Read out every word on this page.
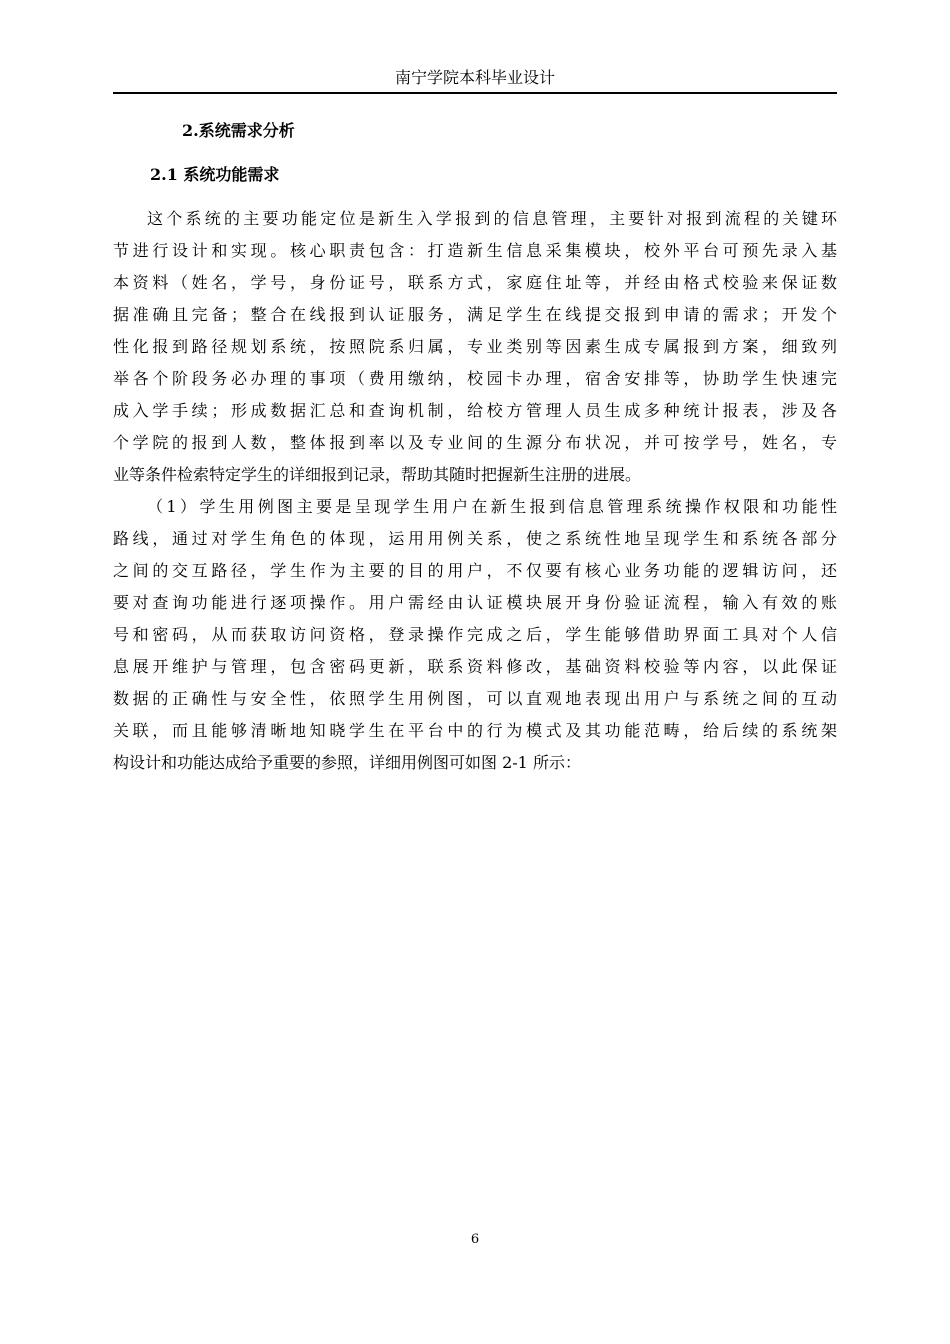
南宁学院本科毕业设计
2.系统需求分析
2.1 系统功能需求
这个系统的主要功能定位是新生入学报到的信息管理，主要针对报到流程的关键环
节进行设计和实现。核心职责包含：打造新生信息采集模块，校外平台可预先录入基
本资料（姓名，学号，身份证号，联系方式，家庭住址等，并经由格式校验来保证数
据准确且完备；整合在线报到认证服务，满足学生在线提交报到申请的需求；开发个
性化报到路径规划系统，按照院系归属，专业类别等因素生成专属报到方案，细致列
举各个阶段务必办理的事项（费用缴纳，校园卡办理，宿舍安排等，协助学生快速完
成入学手续；形成数据汇总和查询机制，给校方管理人员生成多种统计报表，涉及各
个学院的报到人数，整体报到率以及专业间的生源分布状况，并可按学号，姓名，专
业等条件检索特定学生的详细报到记录，帮助其随时把握新生注册的进展。
（1）学生用例图主要是呈现学生用户在新生报到信息管理系统操作权限和功能性
路线，通过对学生角色的体现，运用用例关系，使之系统性地呈现学生和系统各部分
之间的交互路径，学生作为主要的目的用户，不仅要有核心业务功能的逻辑访问，还
要对查询功能进行逐项操作。用户需经由认证模块展开身份验证流程，输入有效的账
号和密码，从而获取访问资格，登录操作完成之后，学生能够借助界面工具对个人信
息展开维护与管理，包含密码更新，联系资料修改，基础资料校验等内容，以此保证
数据的正确性与安全性，依照学生用例图，可以直观地表现出用户与系统之间的互动
关联，而且能够清晰地知晓学生在平台中的行为模式及其功能范畴，给后续的系统架
构设计和功能达成给予重要的参照，详细用例图可如图 2-1 所示：
6
